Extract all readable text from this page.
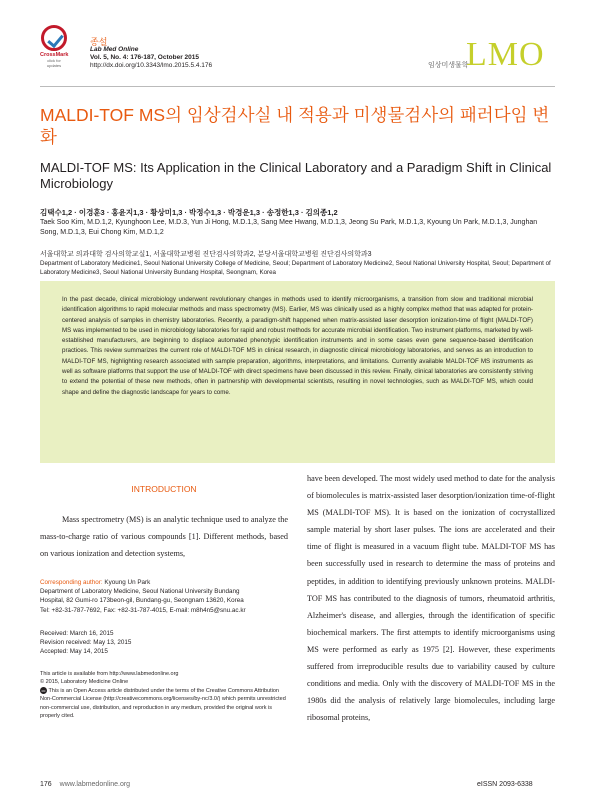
CrossMark
click for updates
종설
Lab Med Online
Vol. 5, No. 4: 176-187, October 2015
http://dx.doi.org/10.3343/lmo.2015.5.4.176	임상미생물학
LMO
MALDI-TOF MS의 임상검사실 내 적용과 미생물검사의 패러다임 변화
MALDI-TOF MS: Its Application in the Clinical Laboratory and a Paradigm Shift in Clinical Microbiology
김택수1,2 · 이경훈3 · 홍윤지1,3 · 황상미1,3 · 박정수1,3 · 박경운1,3 · 송정한1,3 · 김의종1,2
Taek Soo Kim, M.D.1,2, Kyunghoon Lee, M.D.3, Yun Ji Hong, M.D.1,3, Sang Mee Hwang, M.D.1,3, Jeong Su Park, M.D.1,3, Kyoung Un Park, M.D.1,3, Junghan Song, M.D.1,3, Eui Chong Kim, M.D.1,2
서울대학교 의과대학 검사의학교실1, 서울대학교병원 진단검사의학과2, 분당서울대학교병원 진단검사의학과3
Department of Laboratory Medicine1, Seoul National University College of Medicine, Seoul; Department of Laboratory Medicine2, Seoul National University Hospital, Seoul; Department of Laboratory Medicine3, Seoul National University Bundang Hospital, Seongnam, Korea

In the past decade, clinical microbiology underwent revolutionary changes in methods used to identify microorganisms, a transition from slow and traditional microbial identification algorithms to rapid molecular methods and mass spectrometry (MS). Earlier, MS was clinically used as a highly complex method that was adapted for protein-centered analysis of samples in chemistry laboratories. Recently, a paradigm-shift happened when matrix-assisted laser desorption ionization-time of flight (MALDI-TOF) MS was implemented to be used in microbiology laboratories for rapid and robust methods for accurate microbial identification. Two instrument platforms, marketed by well-established manufacturers, are beginning to displace automated phenotypic identification instruments and in some cases even gene sequence-based identification practices. This review summarizes the current role of MALDI-TOF MS in clinical research, in diagnostic clinical microbiology laboratories, and serves as an introduction to MALDI-TOF MS, highlighting research associated with sample preparation, algorithms, interpretations, and limitations. Currently available MALDI-TOF MS instruments as well as software platforms that support the use of MALDI-TOF with direct specimens have been discussed in this review. Finally, clinical laboratories are consistently striving to extend the potential of these new methods, often in partnership with developmental scientists, resulting in novel technologies, such as MALDI-TOF MS, which could shape and define the diagnostic landscape for years to come.

INTRODUCTION

Mass spectrometry (MS) is an analytic technique used to analyze the mass-to-charge ratio of various compounds [1]. Different methods, based on various ionization and detection systems,

Corresponding author: Kyoung Un Park
Department of Laboratory Medicine, Seoul National University Bundang
Hospital, 82 Gumi-ro 173beon-gil, Bundang-gu, Seongnam 13620, Korea
Tel: +82-31-787-7692, Fax: +82-31-787-4015, E-mail: m8h4n5@snu.ac.kr
Received: March 16, 2015
Revision received: May 13, 2015
Accepted: May 14, 2015
This article is available from http://www.labmedonline.org
© 2015, Laboratory Medicine Online
cc This is an Open Access article distributed under the terms of the Creative Commons Attribution Non-Commercial License (http://creativecommons.org/licenses/by-nc/3.0/) which permits unrestricted non-commercial use, distribution, and reproduction in any medium, provided the original work is properly cited.

have been developed. The most widely used method to date for the analysis of biomolecules is matrix-assisted laser desorption/ionization time-of-flight MS (MALDI-TOF MS). It is based on the ionization of cocrystallized sample material by short laser pulses. The ions are accelerated and their time of flight is measured in a vacuum flight tube. MALDI-TOF MS has been successfully used in research to determine the mass of proteins and peptides, in addition to identifying previously unknown proteins. MALDI-TOF MS has contributed to the diagnosis of tumors, rheumatoid arthritis, Alzheimer's disease, and allergies, through the identification of specific biochemical markers. The first attempts to identify microorganisms using MS were performed as early as 1975 [2]. However, these experiments suffered from irreproducible results due to variability caused by culture conditions and media. Only with the discovery of MALDI-TOF MS in the 1980s did the analysis of relatively large biomolecules, including large ribosomal proteins,

176 www.labmedonline.org	eISSN 2093-6338
